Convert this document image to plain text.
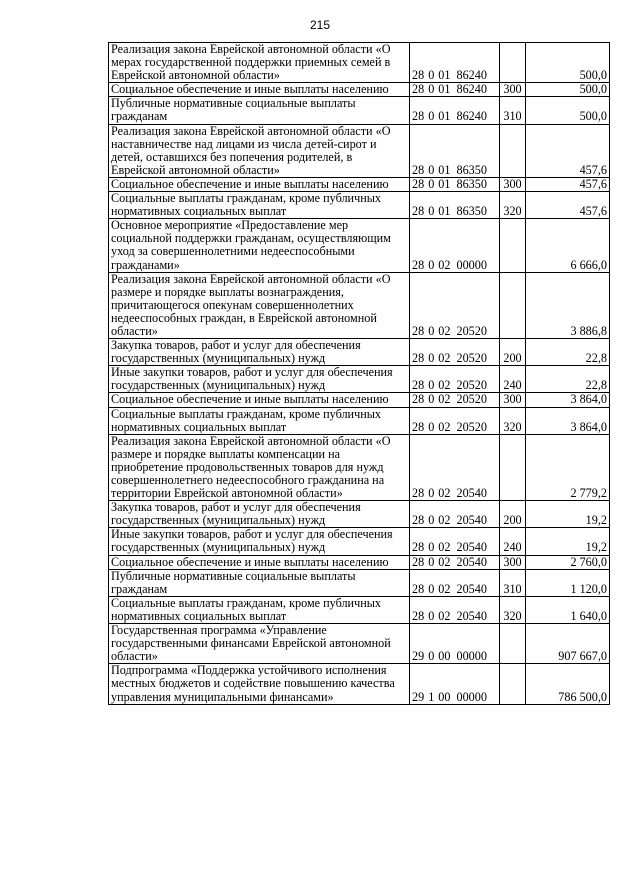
215
Реализация закона Еврейской автономной области «О мерах государственной поддержки приемных семей в Еврейской автономной области»	28 0 01 86240		500,0
Социальное обеспечение и иные выплаты населению	28 0 01 86240	300	500,0
Публичные нормативные социальные выплаты гражданам	28 0 01 86240	310	500,0
Реализация закона Еврейской автономной области «О наставничестве над лицами из числа детей-сирот и детей, оставшихся без попечения родителей, в Еврейской автономной области»	28 0 01 86350		457,6
Социальное обеспечение и иные выплаты населению	28 0 01 86350	300	457,6
Социальные выплаты гражданам, кроме публичных нормативных социальных выплат	28 0 01 86350	320	457,6
Основное мероприятие «Предоставление мер социальной поддержки гражданам, осуществляющим уход за совершеннолетними недееспособными гражданами»	28 0 02 00000		6 666,0
Реализация закона Еврейской автономной области «О размере и порядке выплаты вознаграждения, причитающегося опекунам совершеннолетних недееспособных граждан, в Еврейской автономной области»	28 0 02 20520		3 886,8
Закупка товаров, работ и услуг для обеспечения государственных (муниципальных) нужд	28 0 02 20520	200	22,8
Иные закупки товаров, работ и услуг для обеспечения государственных (муниципальных) нужд	28 0 02 20520	240	22,8
Социальное обеспечение и иные выплаты населению	28 0 02 20520	300	3 864,0
Социальные выплаты гражданам, кроме публичных нормативных социальных выплат	28 0 02 20520	320	3 864,0
Реализация закона Еврейской автономной области «О размере и порядке выплаты компенсации на приобретение продовольственных товаров для нужд совершеннолетнего недееспособного гражданина на территории Еврейской автономной области»	28 0 02 20540		2 779,2
Закупка товаров, работ и услуг для обеспечения государственных (муниципальных) нужд	28 0 02 20540	200	19,2
Иные закупки товаров, работ и услуг для обеспечения государственных (муниципальных) нужд	28 0 02 20540	240	19,2
Социальное обеспечение и иные выплаты населению	28 0 02 20540	300	2 760,0
Публичные нормативные социальные выплаты гражданам	28 0 02 20540	310	1 120,0
Социальные выплаты гражданам, кроме публичных нормативных социальных выплат	28 0 02 20540	320	1 640,0
Государственная программа «Управление государственными финансами Еврейской автономной области»	29 0 00 00000		907 667,0
Подпрограмма «Поддержка устойчивого исполнения местных бюджетов и содействие повышению качества управления муниципальными финансами»	29 1 00 00000		786 500,0
